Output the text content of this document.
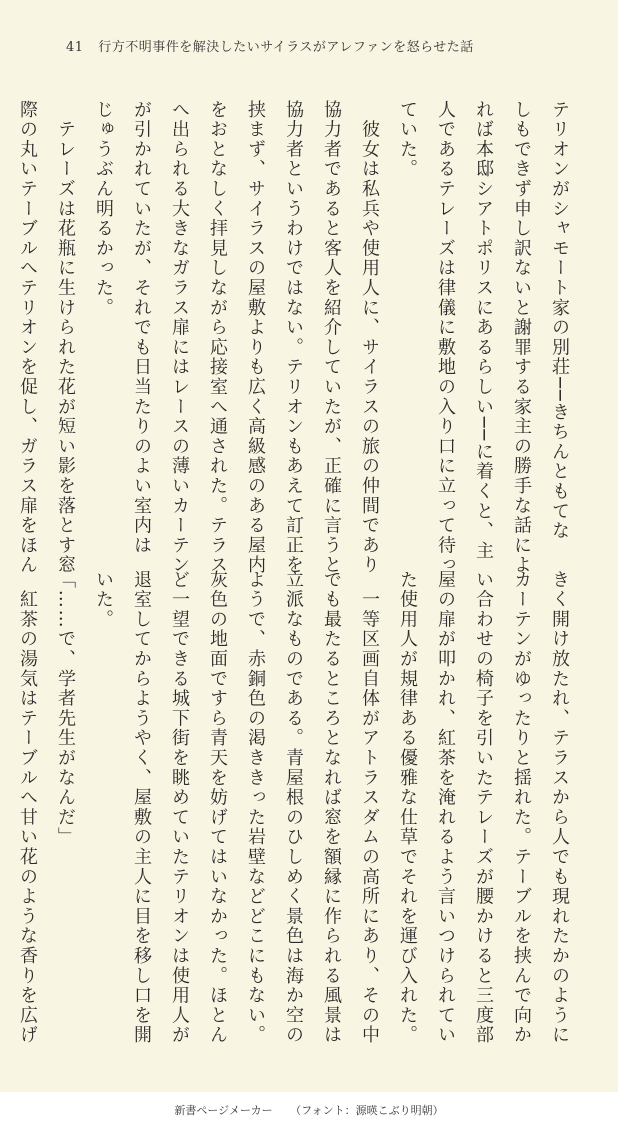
41 行方不明事件を解決したいサイラスがアレファンを怒らせた話

テリオンがシャモート家の別荘──きちんともてな

しもできず申し訳ないと謝罪する家主の勝手な話によ

れば本邸シアトポリスにあるらしい──に着くと、主

人であるテレーズは律儀に敷地の入り口に立って待っ

ていた。

　彼女は私兵や使用人に、サイラスの旅の仲間であり

協力者であると客人を紹介していたが、正確に言うと

協力者というわけではない。テリオンもあえて訂正を

挟まず、サイラスの屋敷よりも広く高級感のある屋内

をおとなしく拝見しながら応接室へ通された。テラス

へ出られる大きなガラス扉にはレースの薄いカーテン

が引かれていたが、それでも日当たりのよい室内は

じゅうぶん明るかった。

　テレーズは花瓶に生けられた花が短い影を落とす窓

際の丸いテーブルへテリオンを促し、ガラス扉をほん

きく開け放たれ、テラスから人でも現れたかのように

カーテンがゆったりと揺れた。テーブルを挟んで向か

い合わせの椅子を引いたテレーズが腰かけると三度部

屋の扉が叩かれ、紅茶を淹れるよう言いつけられてい

た使用人が規律ある優雅な仕草でそれを運び入れた。

　一等区画自体がアトラスダムの高所にあり、その中

でも最たるところとなれば窓を額縁に作られる風景は

立派なものである。青屋根のひしめく景色は海か空の

ようで、赤銅色の渇ききった岩壁などどこにもない。

灰色の地面ですら青天を妨げてはいなかった。ほとん

ど一望できる城下街を眺めていたテリオンは使用人が

退室してからようやく、屋敷の主人に目を移し口を開

いた。

「……で、学者先生がなんだ」

　紅茶の湯気はテーブルへ甘い花のような香りを広げ

新書ページメーカー （フォント：源暎こぶり明朝）
